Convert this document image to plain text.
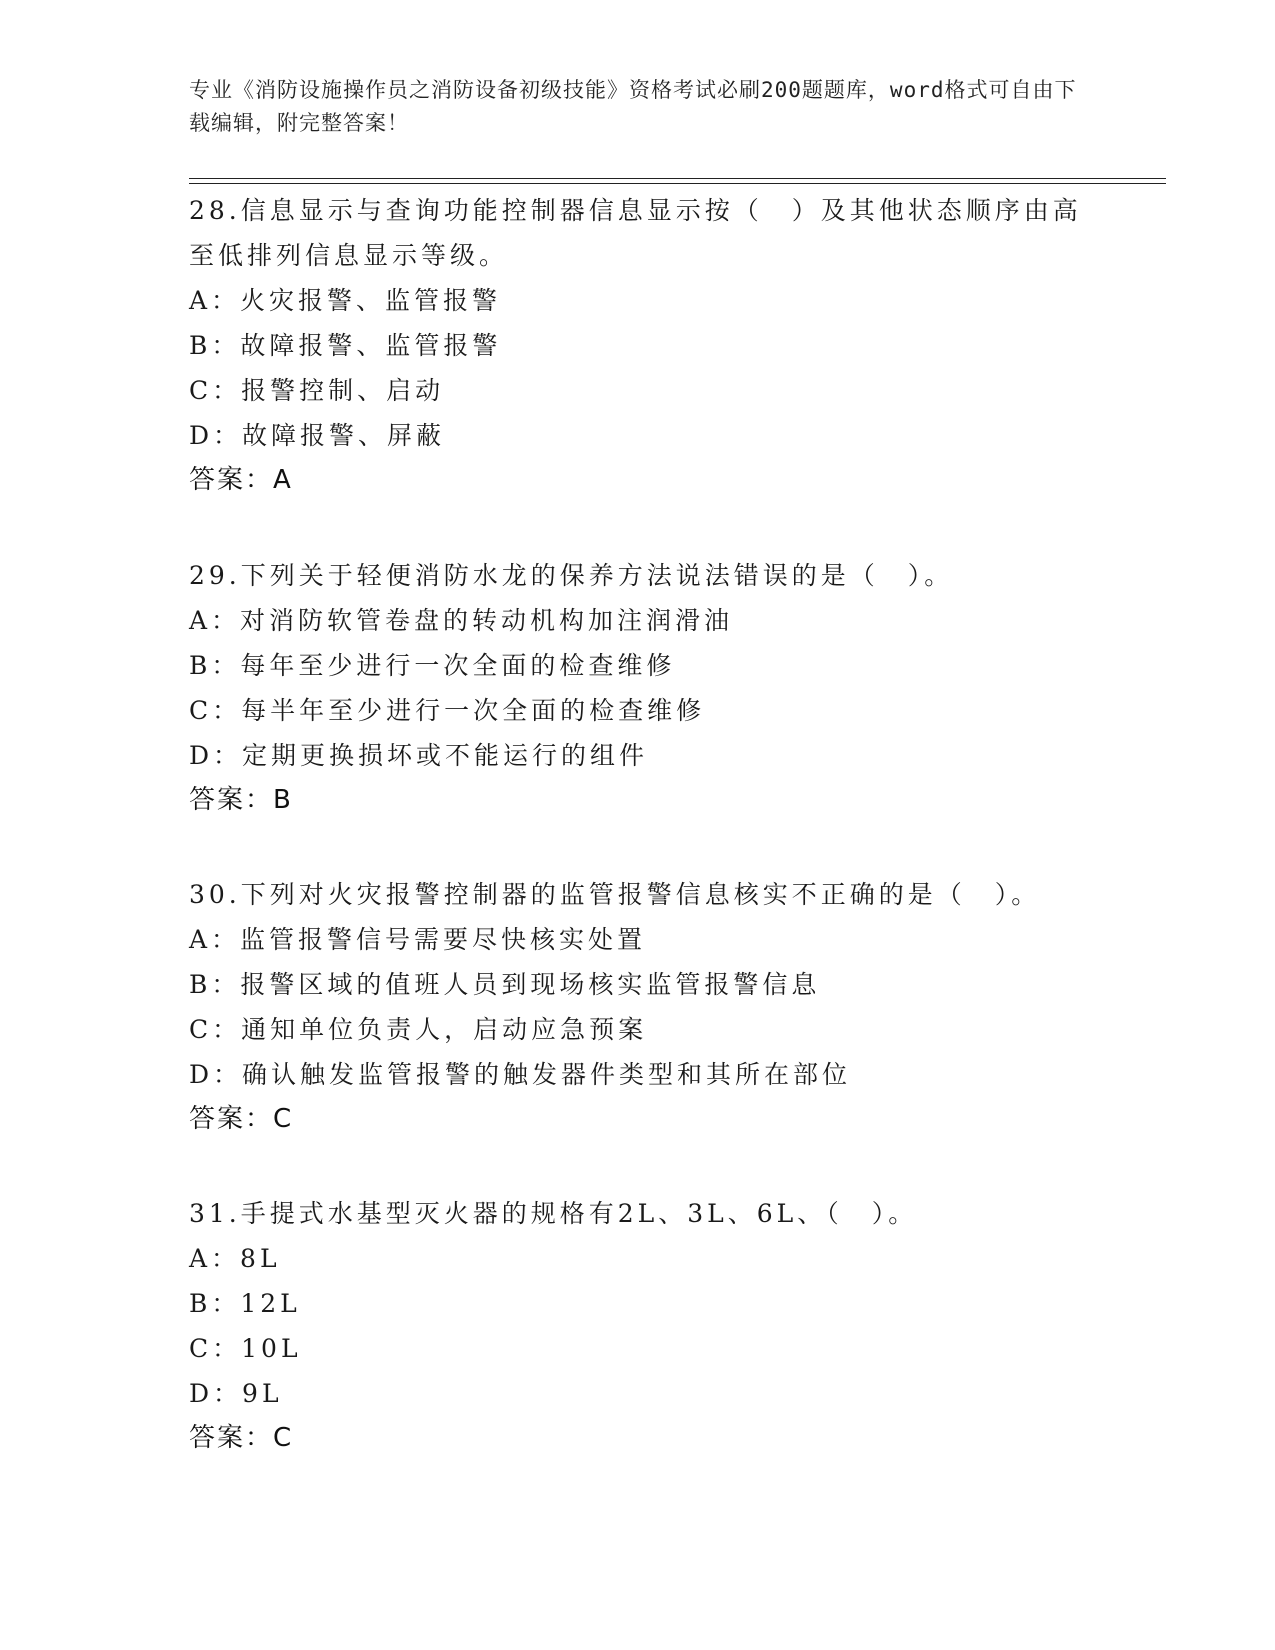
专业《消防设施操作员之消防设备初级技能》资格考试必刷200题题库，word格式可自由下载编辑，附完整答案！
28.信息显示与查询功能控制器信息显示按（　）及其他状态顺序由高至低排列信息显示等级。
A：火灾报警、监管报警
B：故障报警、监管报警
C：报警控制、启动
D：故障报警、屏蔽
答案：A
29.下列关于轻便消防水龙的保养方法说法错误的是（　）。
A：对消防软管卷盘的转动机构加注润滑油
B：每年至少进行一次全面的检查维修
C：每半年至少进行一次全面的检查维修
D：定期更换损坏或不能运行的组件
答案：B
30.下列对火灾报警控制器的监管报警信息核实不正确的是（　）。
A：监管报警信号需要尽快核实处置
B：报警区域的值班人员到现场核实监管报警信息
C：通知单位负责人，启动应急预案
D：确认触发监管报警的触发器件类型和其所在部位
答案：C
31.手提式水基型灭火器的规格有2L、3L、6L、（　）。
A：8L
B：12L
C：10L
D：9L
答案：C
